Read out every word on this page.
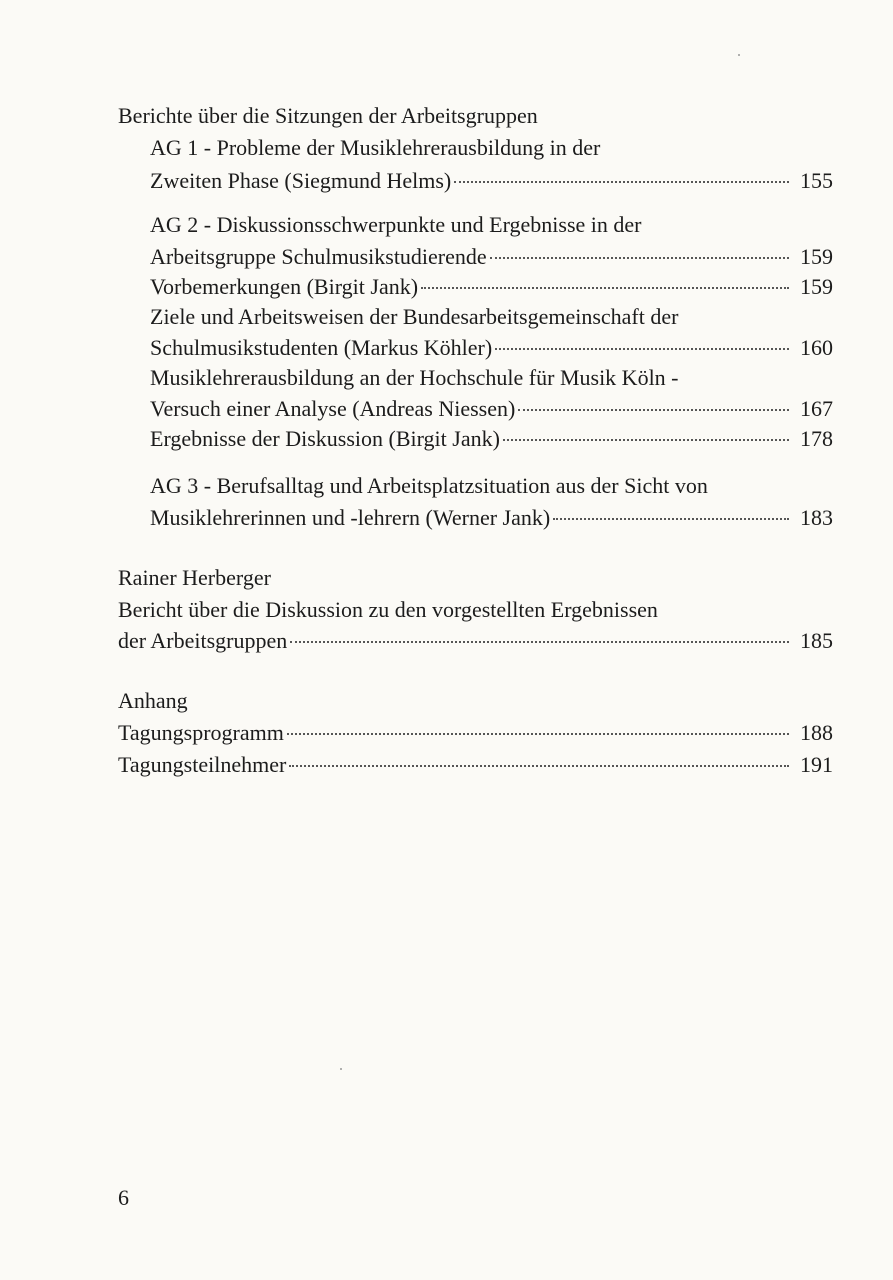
Berichte über die Sitzungen der Arbeitsgruppen
AG 1 - Probleme der Musiklehrerausbildung in der
Zweiten Phase (Siegmund Helms)	155
AG 2 - Diskussionsschwerpunkte und Ergebnisse in der
Arbeitsgruppe Schulmusikstudierende	159
Vorbemerkungen (Birgit Jank)	159
Ziele und Arbeitsweisen der Bundesarbeitsgemeinschaft der
Schulmusikstudenten (Markus Köhler)	160
Musiklehrerausbildung an der Hochschule für Musik Köln -
Versuch einer Analyse (Andreas Niessen)	167
Ergebnisse der Diskussion (Birgit Jank)	178
AG 3 - Berufsalltag und Arbeitsplatzsituation aus der Sicht von
Musiklehrerinnen und -lehrern (Werner Jank)	183
Rainer Herberger
Bericht über die Diskussion zu den vorgestellten Ergebnissen
der Arbeitsgruppen	185
Anhang
Tagungsprogramm	188
Tagungsteilnehmer	191
6
